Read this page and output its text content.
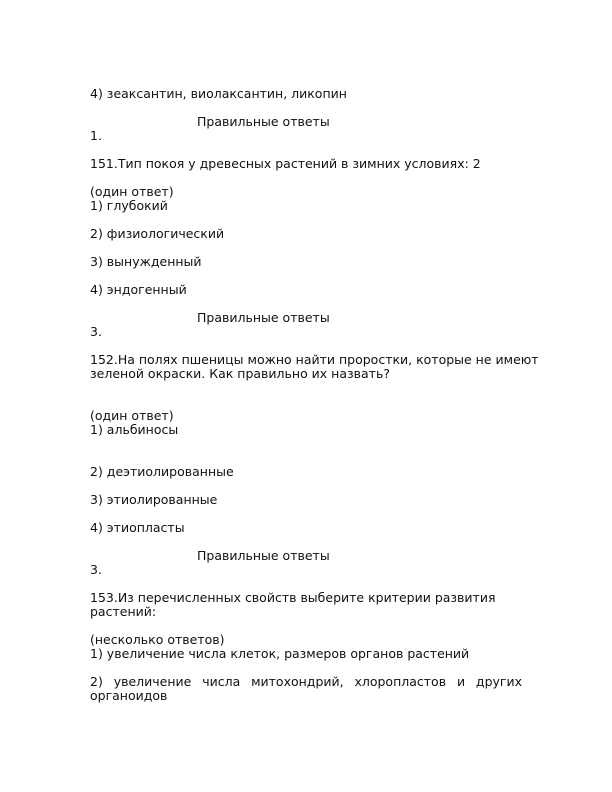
4) зеаксантин, виолаксантин, ликопин
Правильные ответы
1.
151.Тип покоя у древесных растений в зимних условиях: 2
(один ответ)
1) глубокий
2) физиологический
3) вынужденный
4) эндогенный
Правильные ответы
3.
152.На полях пшеницы можно найти проростки, которые не имеют
зеленой окраски. Как правильно их назвать?
(один ответ)
1) альбиносы
2) деэтиолированные
3) этиолированные
4) этиопласты
Правильные ответы
3.
153.Из перечисленных свойств выберите критерии развития
растений:
(несколько ответов)
1) увеличение числа клеток, размеров органов растений
2) увеличение числа митохондрий, хлоропластов и других
органоидов
